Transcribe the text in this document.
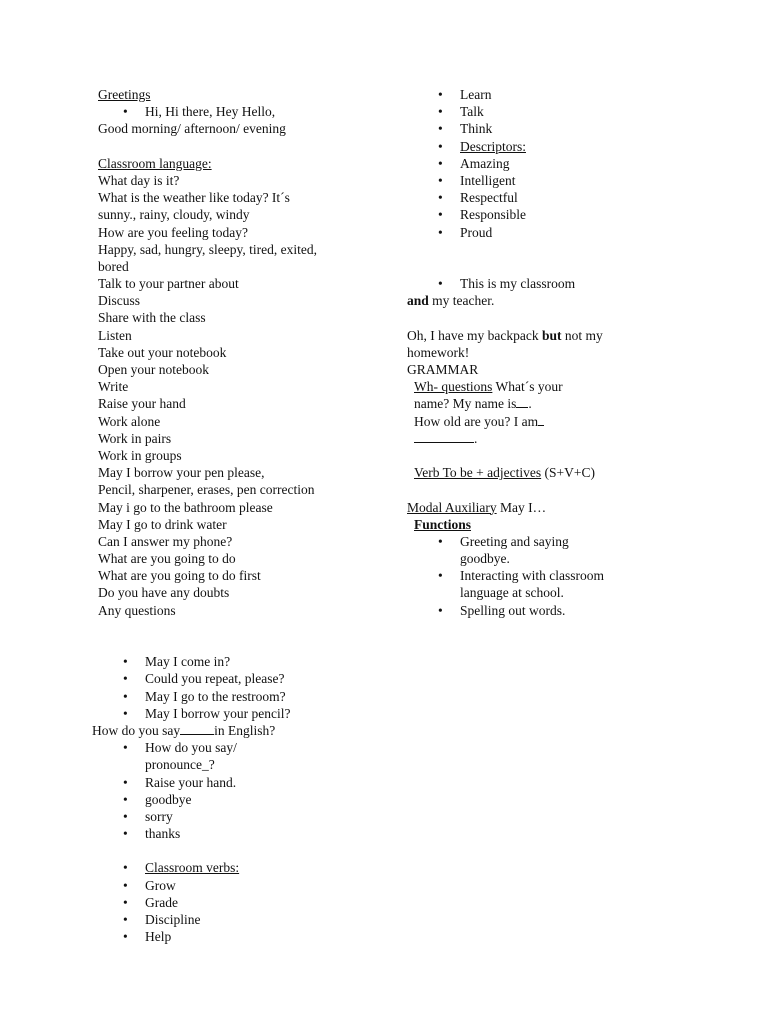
Greetings
• Hi, Hi there, Hey Hello,
Good morning/ afternoon/ evening
Classroom language:
What day is it?
What is the weather like today? It´s
sunny., rainy, cloudy, windy
How are you feeling today?
Happy, sad, hungry, sleepy, tired, exited,
bored
Talk to your partner about
Discuss
Share with the class
Listen
Take out your notebook
Open your notebook
Write
Raise your hand
Work alone
Work in pairs
Work in groups
May I borrow your pen please,
Pencil, sharpener, erases, pen correction
May i go to the bathroom please
May I go to drink water
Can I answer my phone?
What are you going to do
What are you going to do first
Do you have any doubts
Any questions
• May I come in?
• Could you repeat, please?
• May I go to the restroom?
• May I borrow your pencil?
How do you say	in English?
• How do you say/
pronounce_?
• Raise your hand.
• goodbye
• sorry
• thanks
• Classroom verbs:
• Grow
• Grade
• Discipline
• Help
• Learn
• Talk
• Think
• Descriptors:
• Amazing
• Intelligent
• Respectful
• Responsible
• Proud
• This is my classroom
and my teacher.
Oh, I have my backpack but not my
homework!
GRAMMAR
Wh- questions What´s your
name? My name is .
How old are you? I am
.
Verb To be + adjectives (S+V+C)
Modal Auxiliary May I…
Functions
• Greeting and saying
goodbye.
• Interacting with classroom
language at school.
• Spelling out words.
